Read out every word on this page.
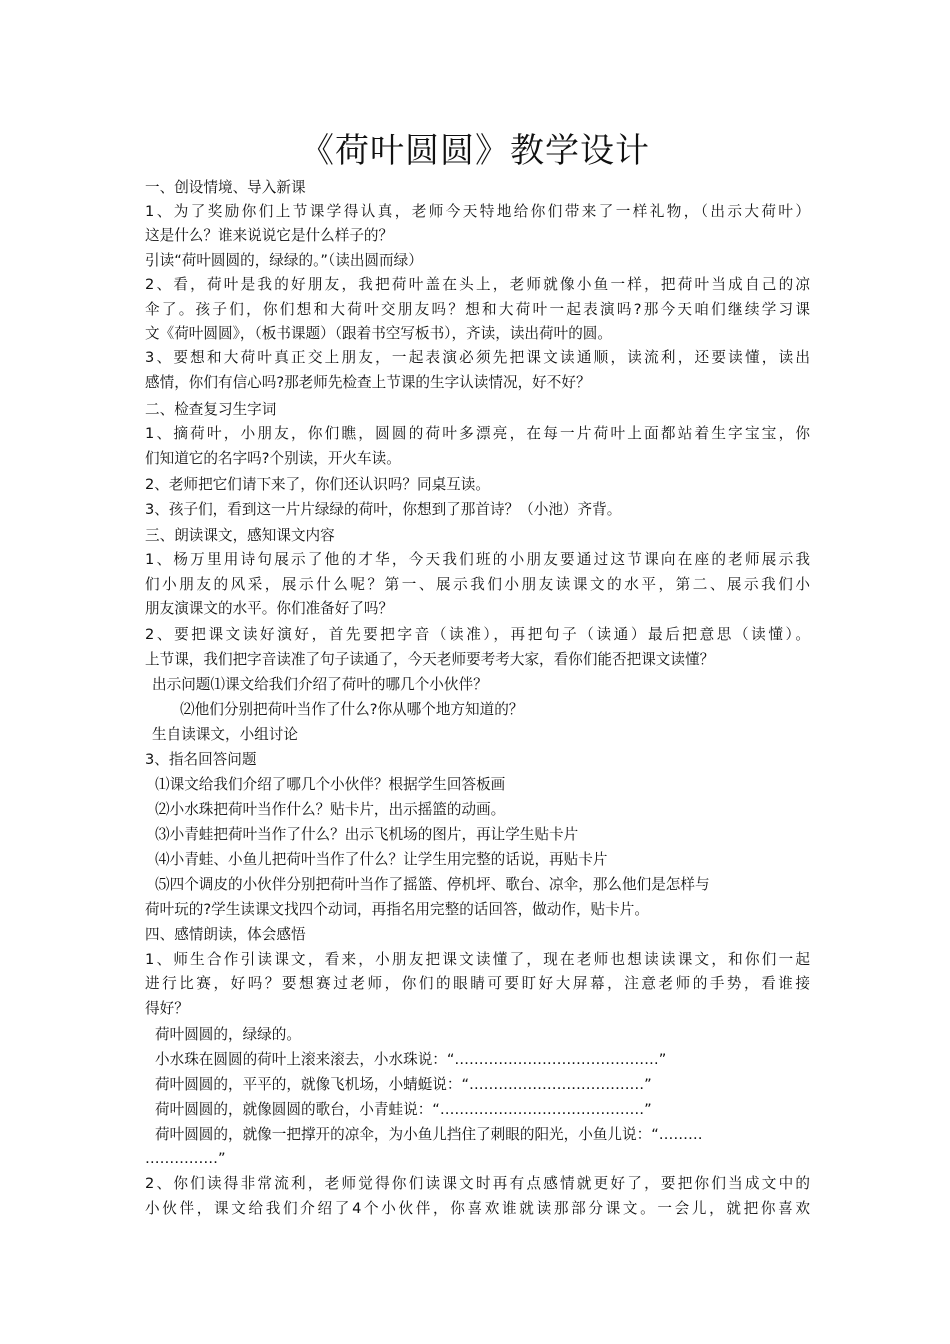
《荷叶圆圆》教学设计
一、创设情境、导入新课
1、为了奖励你们上节课学得认真，老师今天特地给你们带来了一样礼物，（出示大荷叶）
这是什么？谁来说说它是什么样子的？
引读“荷叶圆圆的，绿绿的。”（读出圆而绿）
2、看，荷叶是我的好朋友，我把荷叶盖在头上，老师就像小鱼一样，把荷叶当成自己的凉
伞了。孩子们，你们想和大荷叶交朋友吗？想和大荷叶一起表演吗?那今天咱们继续学习课
文《荷叶圆圆》，（板书课题）（跟着书空写板书），齐读，读出荷叶的圆。
3、要想和大荷叶真正交上朋友，一起表演必须先把课文读通顺，读流利，还要读懂，读出
感情，你们有信心吗?那老师先检查上节课的生字认读情况，好不好？
二、检查复习生字词
1、摘荷叶，小朋友，你们瞧，圆圆的荷叶多漂亮，在每一片荷叶上面都站着生字宝宝，你
们知道它的名字吗?个别读，开火车读。
2、老师把它们请下来了，你们还认识吗？同桌互读。
3、孩子们，看到这一片片绿绿的荷叶，你想到了那首诗？（小池）齐背。
三、朗读课文，感知课文内容
1、杨万里用诗句展示了他的才华，今天我们班的小朋友要通过这节课向在座的老师展示我
们小朋友的风采，展示什么呢？第一、展示我们小朋友读课文的水平，第二、展示我们小
朋友演课文的水平。你们准备好了吗？
2、要把课文读好演好，首先要把字音（读准），再把句子（读通）最后把意思（读懂）。
上节课，我们把字音读准了句子读通了，今天老师要考考大家，看你们能否把课文读懂？
出示问题⑴课文给我们介绍了荷叶的哪几个小伙伴？
⑵他们分别把荷叶当作了什么?你从哪个地方知道的？
生自读课文，小组讨论
3、指名回答问题
⑴课文给我们介绍了哪几个小伙伴？根据学生回答板画
⑵小水珠把荷叶当作什么？贴卡片，出示摇篮的动画。
⑶小青蛙把荷叶当作了什么？出示飞机场的图片，再让学生贴卡片
⑷小青蛙、小鱼儿把荷叶当作了什么？让学生用完整的话说，再贴卡片
⑸四个调皮的小伙伴分别把荷叶当作了摇篮、停机坪、歌台、凉伞，那么他们是怎样与
荷叶玩的?学生读课文找四个动词，再指名用完整的话回答，做动作，贴卡片。
四、感情朗读，体会感悟
1、师生合作引读课文，看来，小朋友把课文读懂了，现在老师也想读读课文，和你们一起
进行比赛，好吗？要想赛过老师，你们的眼睛可要盯好大屏幕，注意老师的手势，看谁接
得好？
荷叶圆圆的，绿绿的。
小水珠在圆圆的荷叶上滚来滚去，小水珠说：“……………………………………”
荷叶圆圆的，平平的，就像飞机场，小蜻蜓说：“………………………………”
荷叶圆圆的，就像圆圆的歌台，小青蛙说：“……………………………………”
荷叶圆圆的，就像一把撑开的凉伞，为小鱼儿挡住了刺眼的阳光，小鱼儿说：“………
……………”
2、你们读得非常流利，老师觉得你们读课文时再有点感情就更好了，要把你们当成文中的
小伙伴，课文给我们介绍了4个小伙伴，你喜欢谁就读那部分课文。一会儿，就把你喜欢
